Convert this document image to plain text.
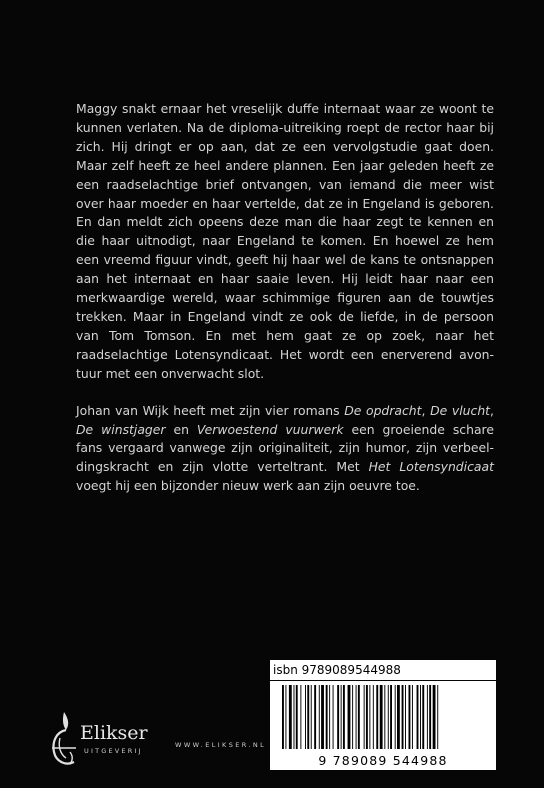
Maggy snakt ernaar het vreselijk duffe internaat waar ze woont te kunnen verlaten. Na de diploma-uitreiking roept de rector haar bij zich. Hij dringt er op aan, dat ze een vervolgstudie gaat doen. Maar zelf heeft ze heel andere plannen. Een jaar geleden heeft ze een raadselachtige brief ontvangen, van iemand die meer wist over haar moeder en haar vertelde, dat ze in Engeland is geboren. En dan meldt zich opeens deze man die haar zegt te kennen en die haar uitnodigt, naar Engeland te komen. En hoewel ze hem een vreemd figuur vindt, geeft hij haar wel de kans te ontsnappen aan het internaat en haar saaie leven. Hij leidt haar naar een merkwaardige wereld, waar schimmige figuren aan de touwtjes trekken. Maar in Engeland vindt ze ook de liefde, in de persoon van Tom Tomson. En met hem gaat ze op zoek, naar het raadselachtige Lotensyndicaat. Het wordt een enerverend avontuur met een onverwacht slot.

Johan van Wijk heeft met zijn vier romans De opdracht, De vlucht, De winstjager en Verwoestend vuurwerk een groeiende schare fans vergaard vanwege zijn originaliteit, zijn humor, zijn verbeeldingskracht en zijn vlotte verteltrant. Met Het Lotensyndicaat voegt hij een bijzonder nieuw werk aan zijn oeuvre toe.

isbn 9789089544988
9 789089 544988
Elikser
UITGEVERIJ
WWW.ELIKSER.NL
